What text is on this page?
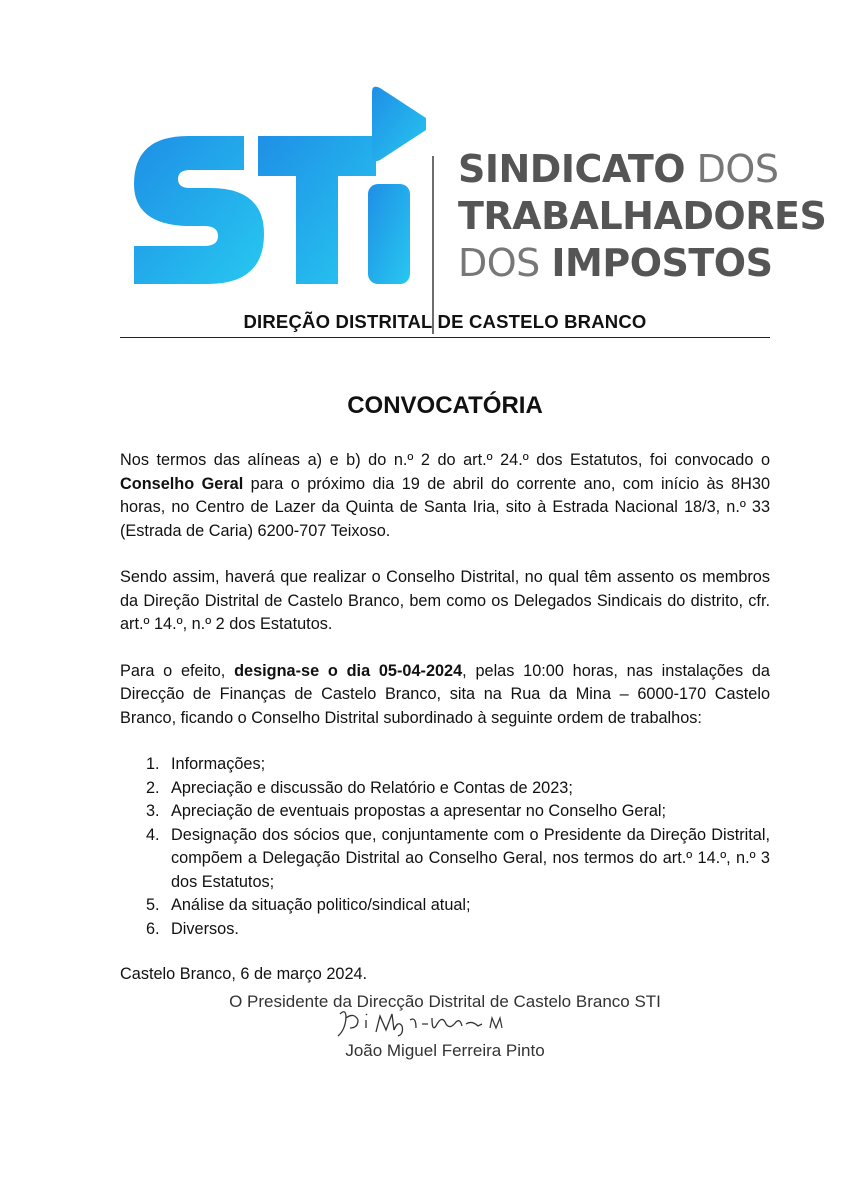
SINDICATO DOS
TRABALHADORES
DOS IMPOSTOS
DIREÇÃO DISTRITAL DE CASTELO BRANCO
CONVOCATÓRIA

Nos termos das alíneas a) e b) do n.º 2 do art.º 24.º dos Estatutos, foi convocado o Conselho Geral para o próximo dia 19 de abril do corrente ano, com início às 8H30 horas, no Centro de Lazer da Quinta de Santa Iria, sito à Estrada Nacional 18/3, n.º 33 (Estrada de Caria) 6200-707 Teixoso.

Sendo assim, haverá que realizar o Conselho Distrital, no qual têm assento os membros da Direção Distrital de Castelo Branco, bem como os Delegados Sindicais do distrito, cfr. art.º 14.º, n.º 2 dos Estatutos.

Para o efeito, designa-se o dia 05-04-2024, pelas 10:00 horas, nas instalações da Direcção de Finanças de Castelo Branco, sita na Rua da Mina – 6000-170 Castelo Branco, ficando o Conselho Distrital subordinado à seguinte ordem de trabalhos:

1. Informações;
2. Apreciação e discussão do Relatório e Contas de 2023;
3. Apreciação de eventuais propostas a apresentar no Conselho Geral;
4. Designação dos sócios que, conjuntamente com o Presidente da Direção Distrital, compõem a Delegação Distrital ao Conselho Geral, nos termos do art.º 14.º, n.º 3 dos Estatutos;
5. Análise da situação politico/sindical atual;
6. Diversos.

Castelo Branco, 6 de março 2024.

O Presidente da Direcção Distrital de Castelo Branco STI
João Miguel Ferreira Pinto
